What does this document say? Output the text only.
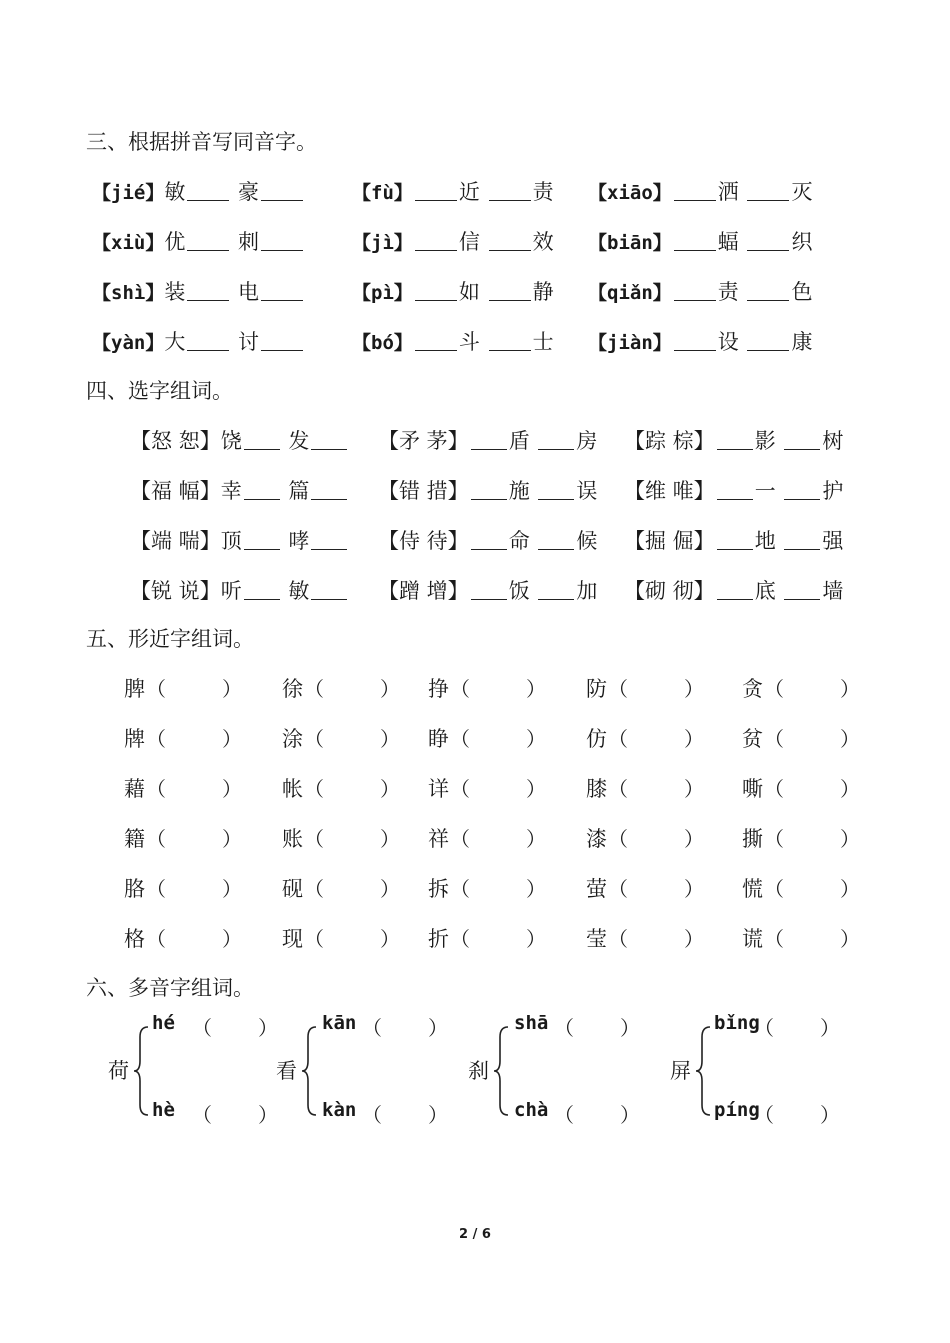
三、根据拼音写同音字。
【jié】敏	豪	【fù】 近	责 【xiāo】 洒	灭
【xiù】优	刺	【jì】 信	效 【biān】 蝠	织
【shì】装	电	【pì】 如	静 【qiǎn】 责	色
【yàn】大	讨	【bó】 斗	士 【jiàn】 设	康
四、选字组词。
【怒 恕】饶 发	【矛 茅】 盾 房 【踪 棕】 影 树
【福 幅】幸 篇	【错 措】 施 误 【维 唯】 一 护
【端 喘】顶 哮	【侍 待】 命 候 【掘 倔】 地 强
【锐 说】听 敏	【蹭 增】 饭 加 【砌 彻】 底 墙
五、形近字组词。
脾 （	） 徐 （	） 挣 （	） 防 （	） 贪 （	）
牌 （	） 涂 （	） 睁 （	） 仿 （	） 贫 （	）
藉 （	） 帐 （	） 详 （	） 膝 （	） 嘶 （	）
籍 （	） 账 （	） 祥 （	） 漆 （	） 撕 （	）
胳 （	） 砚 （	） 拆 （	） 萤 （	） 慌 （	）
格 （	） 现 （	） 折 （	） 莹 （	） 谎 （	）
六、多音字组词。
荷
hé （ ）
hè （ ）
看
kān （ ）
kàn （ ）
刹
shā （ ）
chà （ ）
屏
bǐng
（ ）
píng
（ ）
2 / 6
